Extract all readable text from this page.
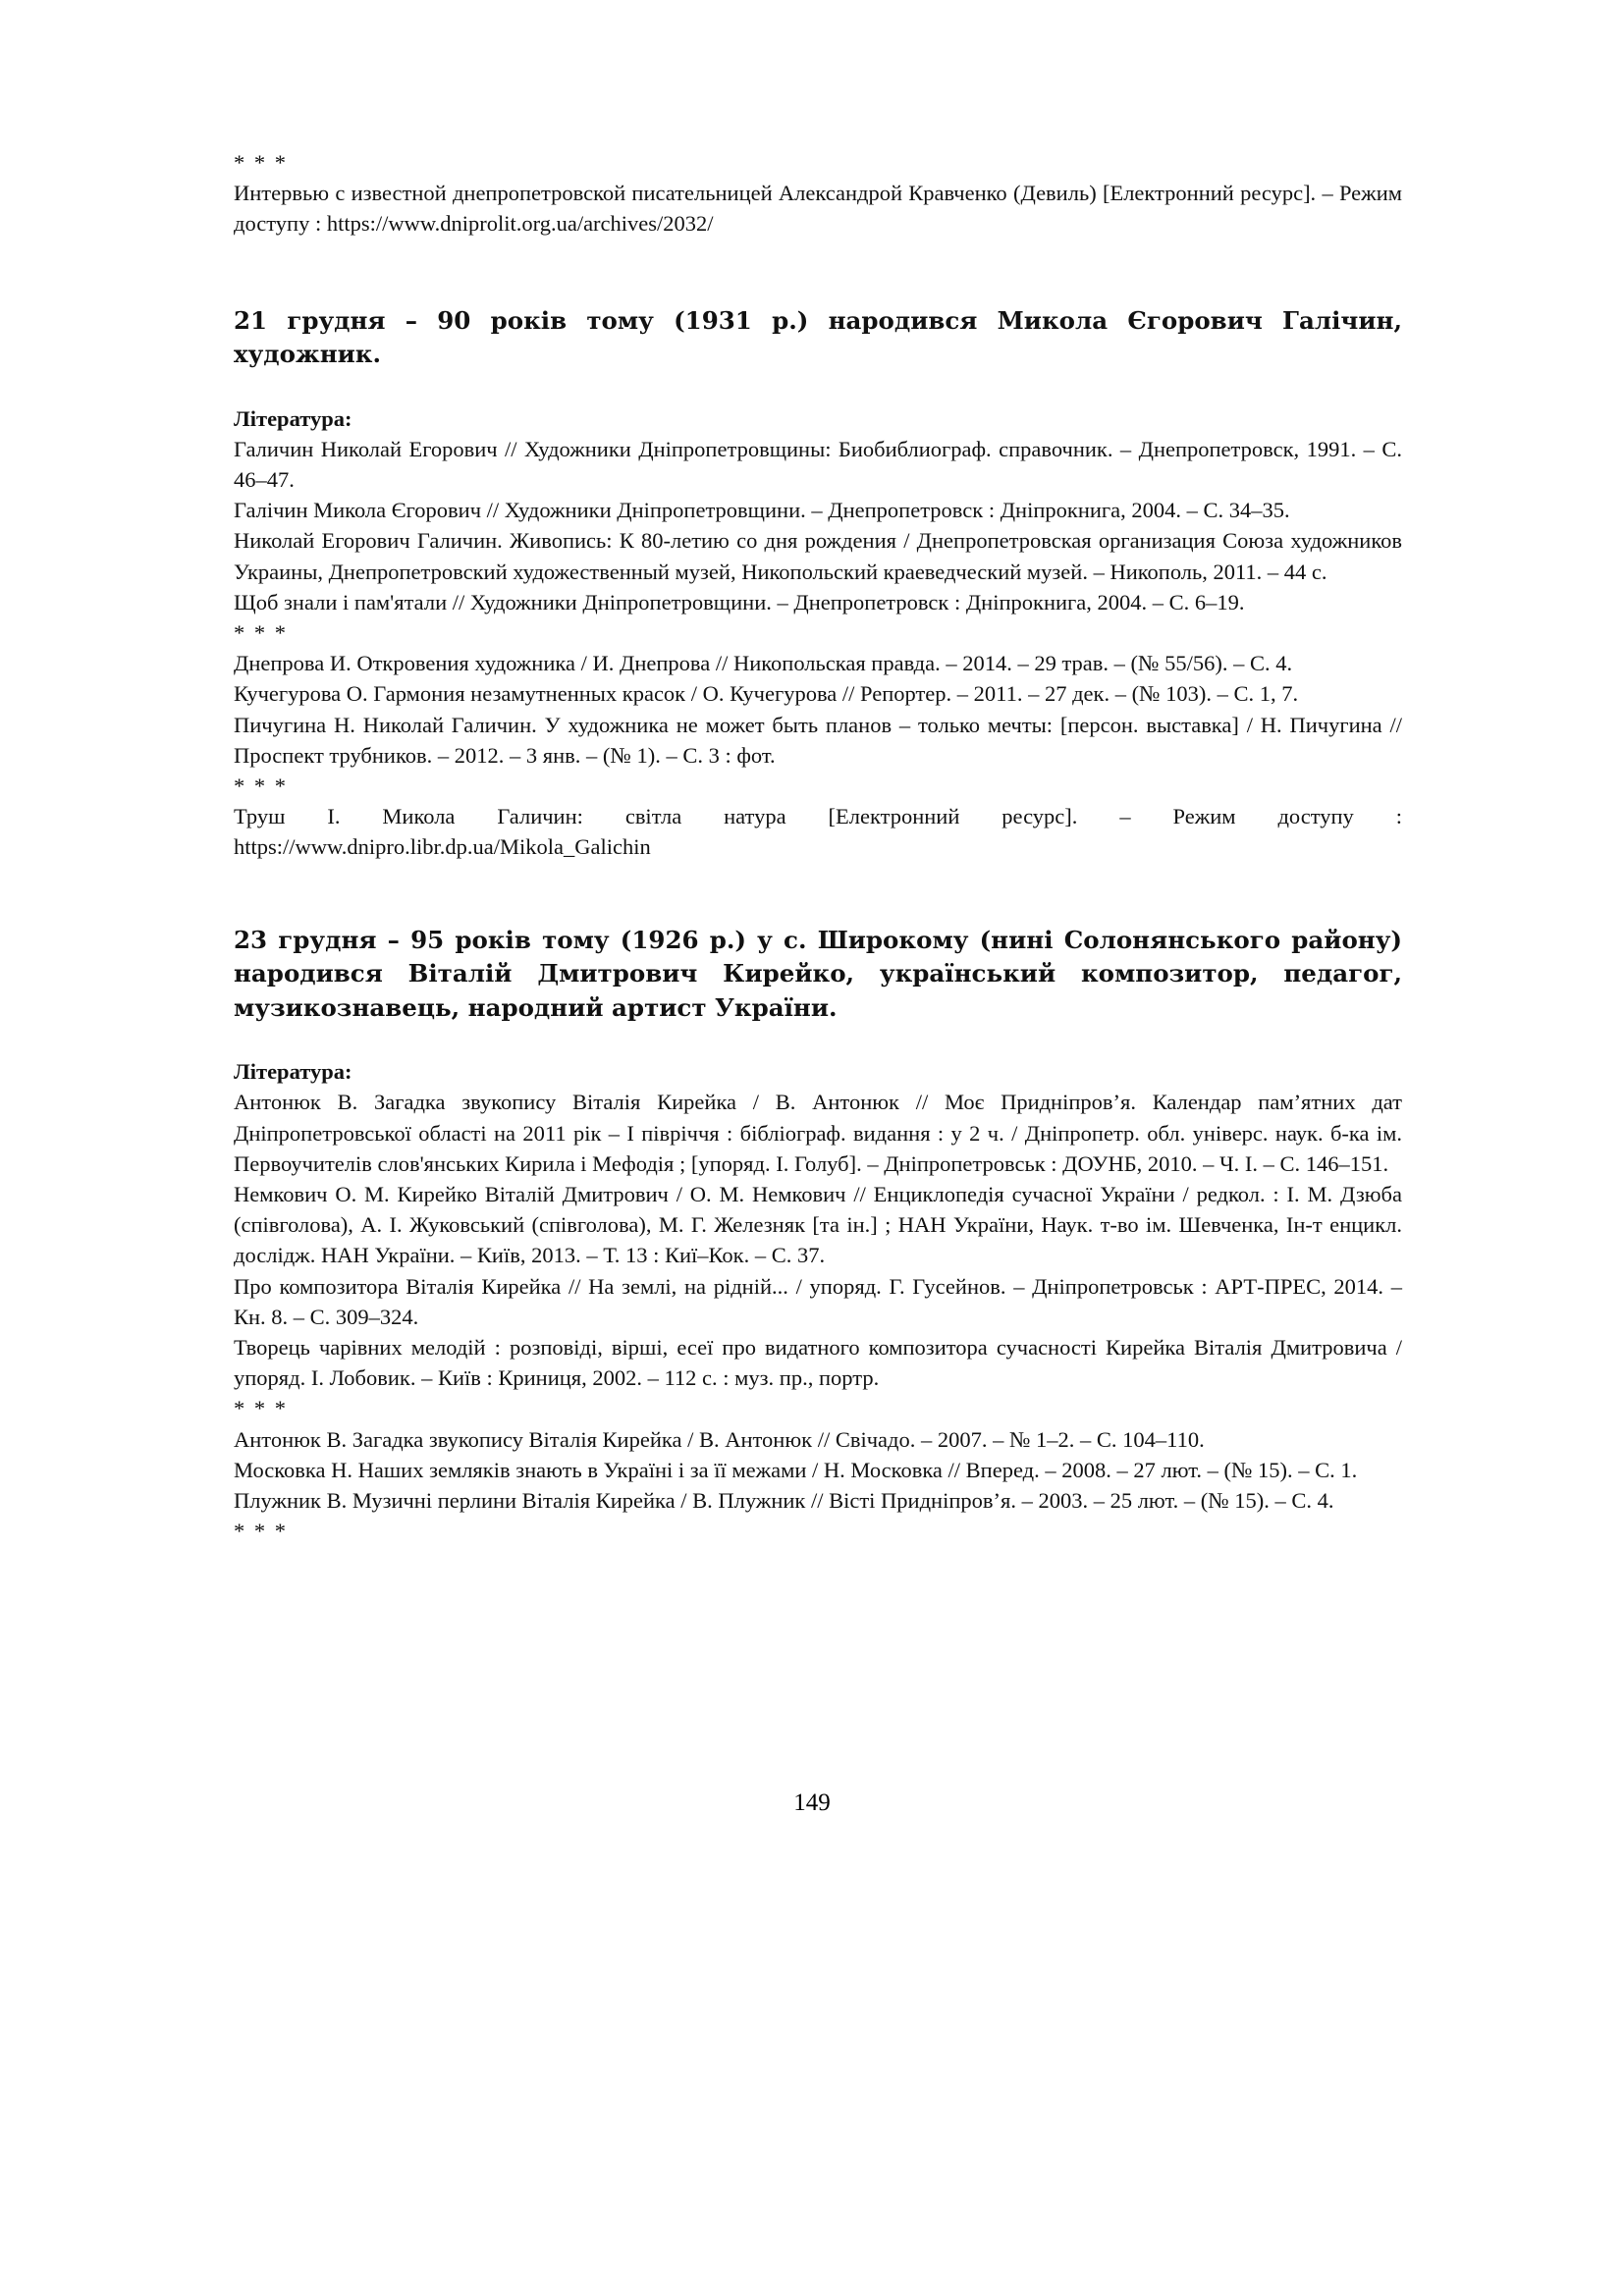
* * *

Интервью с известной днепропетровской писательницей Александрой Кравченко (Девиль) [Електронний ресурс]. – Режим доступу : https://www.dniprolit.org.ua/archives/2032/

21 грудня – 90 років тому (1931 р.) народився Микола Єгорович Галічин, художник.

Література:

Галичин Николай Егорович // Художники Дніпропетровщины: Биобиблиограф. справочник. – Днепропетровск, 1991. – С. 46–47.

Галічин Микола Єгорович // Художники Дніпропетровщини. – Днепропетровск : Дніпрокнига, 2004. – С. 34–35.

Николай Егорович Галичин. Живопись: К 80-летию со дня рождения / Днепропетровская организация Союза художников Украины, Днепропетровский художественный музей, Никопольский краеведческий музей. – Никополь, 2011. – 44 с.

Щоб знали і пам'ятали // Художники Дніпропетровщини. – Днепропетровск : Дніпрокнига, 2004. – С. 6–19.

* * *

Днепрова И. Откровения художника / И. Днепрова // Никопольская правда. – 2014. – 29 трав. – (№ 55/56). – С. 4.

Кучегурова О. Гармония незамутненных красок / О. Кучегурова // Репортер. – 2011. – 27 дек. – (№ 103). – С. 1, 7.

Пичугина Н. Николай Галичин. У художника не может быть планов – только мечты: [персон. выставка] / Н. Пичугина // Проспект трубников. – 2012. – 3 янв. – (№ 1). – С. 3 : фот.

* * *

Труш І. Микола Галичин: світла натура [Електронний ресурс]. – Режим доступу : https://www.dnipro.libr.dp.ua/Mikola_Galichin

23 грудня – 95 років тому (1926 р.) у с. Широкому (нині Солонянського району) народився Віталій Дмитрович Кирейко, український композитор, педагог, музикознавець, народний артист України.

Література:

Антонюк В. Загадка звукопису Віталія Кирейка / В. Антонюк // Моє Придніпров’я. Календар пам’ятних дат Дніпропетровської області на 2011 рік – І півріччя : бібліограф. видання : у 2 ч. / Дніпропетр. обл. універс. наук. б-ка ім. Первоучителів слов'янських Кирила і Мефодія ; [упоряд. І. Голуб]. – Дніпропетровськ : ДОУНБ, 2010. – Ч. І. – С. 146–151.

Немкович О. М. Кирейко Віталій Дмитрович / О. М. Немкович // Енциклопедія сучасної України / редкол. : І. М. Дзюба (співголова), А. І. Жуковський (співголова), М. Г. Железняк [та ін.] ; НАН України, Наук. т-во ім. Шевченка, Ін-т енцикл. дослідж. НАН України. – Київ, 2013. – Т. 13 : Киї–Кок. – С. 37.

Про композитора Віталія Кирейка // На землі, на рідній... / упоряд. Г. Гусейнов. – Дніпропетровськ : АРТ-ПРЕС, 2014. – Кн. 8. – С. 309–324.

Творець чарівних мелодій : розповіді, вірші, есеї про видатного композитора сучасності Кирейка Віталія Дмитровича / упоряд. І. Лобовик. – Київ : Криниця, 2002. – 112 с. : муз. пр., портр.

* * *

Антонюк В. Загадка звукопису Віталія Кирейка / В. Антонюк // Свічадо. – 2007. – № 1–2. – С. 104–110.

Московка Н. Наших земляків знають в Україні і за її межами / Н. Московка // Вперед. – 2008. – 27 лют. – (№ 15). – С. 1.

Плужник В. Музичні перлини Віталія Кирейка / В. Плужник // Вісті Придніпров’я. – 2003. – 25 лют. – (№ 15). – С. 4.

* * *

149
